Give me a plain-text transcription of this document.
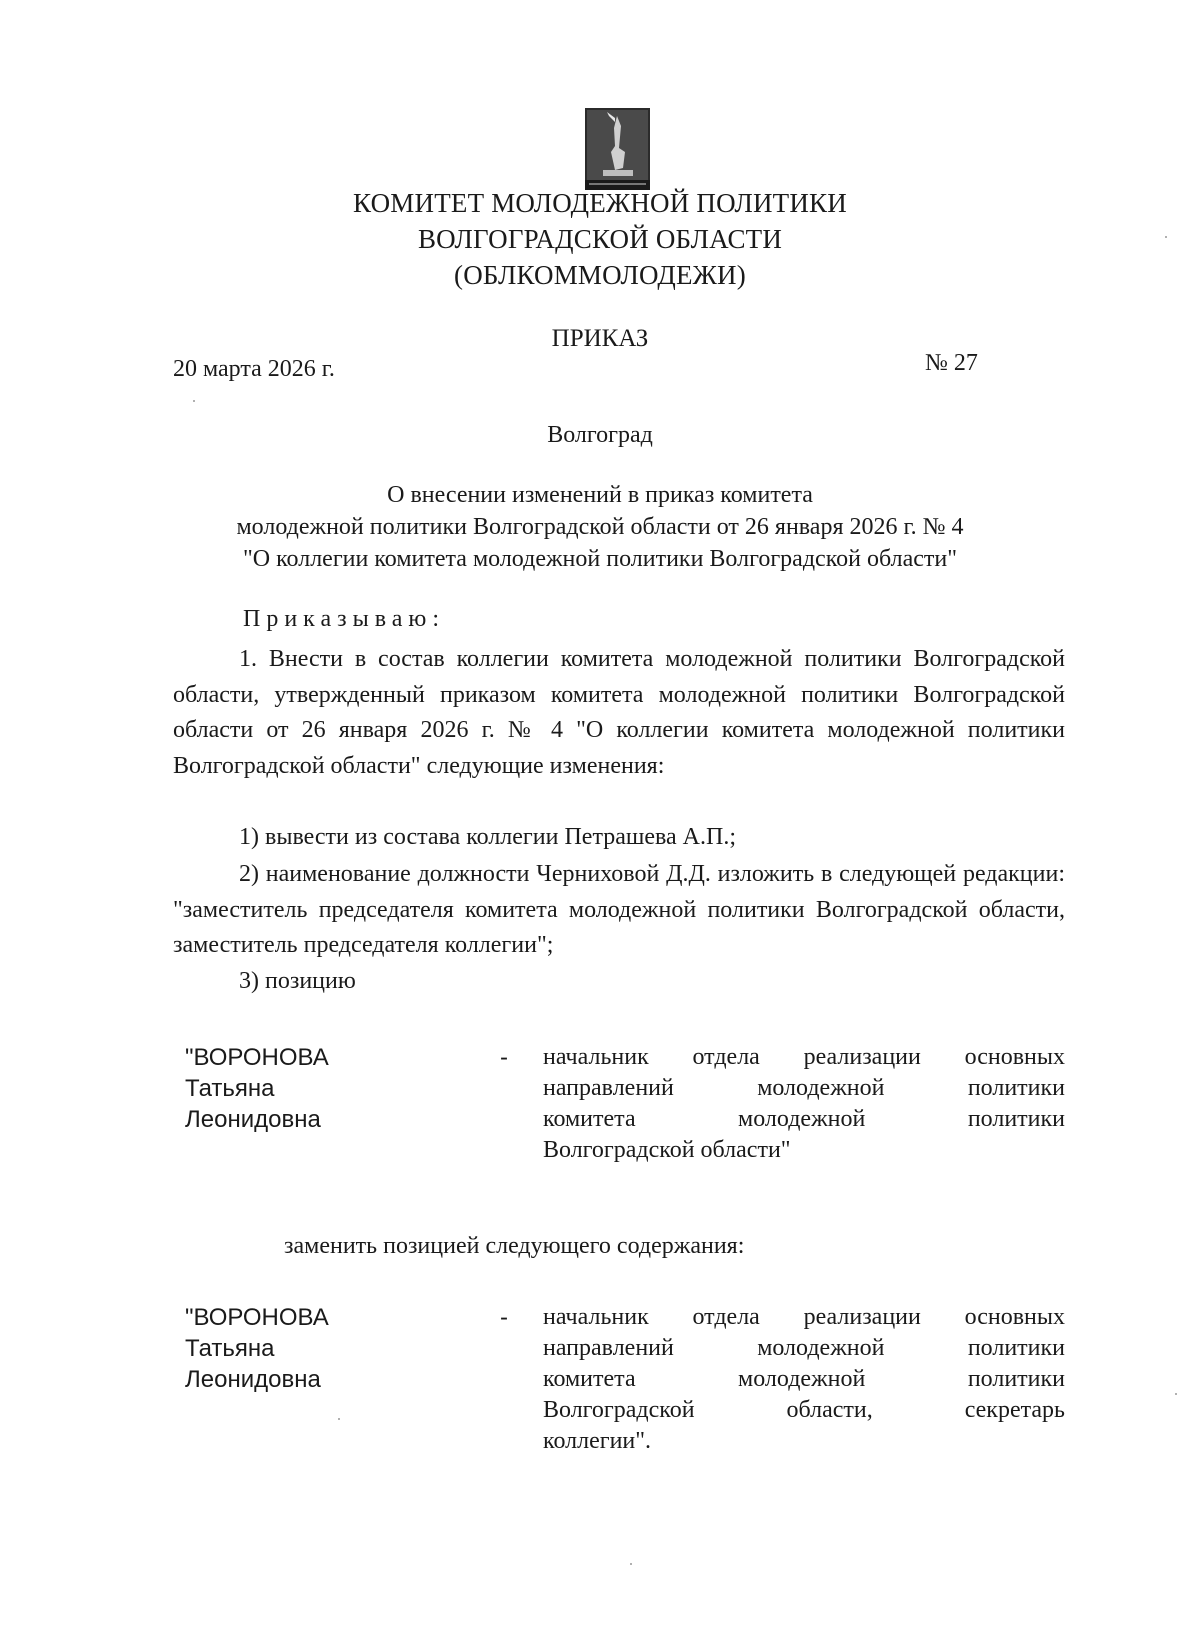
КОМИТЕТ МОЛОДЕЖНОЙ ПОЛИТИКИ
ВОЛГОГРАДСКОЙ ОБЛАСТИ
(ОБЛКОММОЛОДЕЖИ)
ПРИКАЗ
20 марта 2026 г.	№ 27
Волгоград
О внесении изменений в приказ комитета
молодежной политики Волгоградской области от 26 января 2026 г. № 4
"О коллегии комитета молодежной политики Волгоградской области"
Приказываю:
1. Внести в состав коллегии комитета молодежной политики Волгоградской области, утвержденный приказом комитета молодежной политики Волгоградской области от 26 января 2026 г. № 4 "О коллегии комитета молодежной политики Волгоградской области" следующие изменения:
1) вывести из состава коллегии Петрашева А.П.;
2) наименование должности Черниховой Д.Д. изложить в следующей редакции: "заместитель председателя комитета молодежной политики Волгоградской области, заместитель председателя коллегии";
3) позицию
"ВОРОНОВА
Татьяна
Леонидовна
- начальник отдела реализации основных
направлений молодежной политики
комитета молодежной политики
Волгоградской области"
заменить позицией следующего содержания:
"ВОРОНОВА
Татьяна
Леонидовна
- начальник отдела реализации основных
направлений молодежной политики
комитета молодежной политики
Волгоградской области, секретарь
коллегии".
